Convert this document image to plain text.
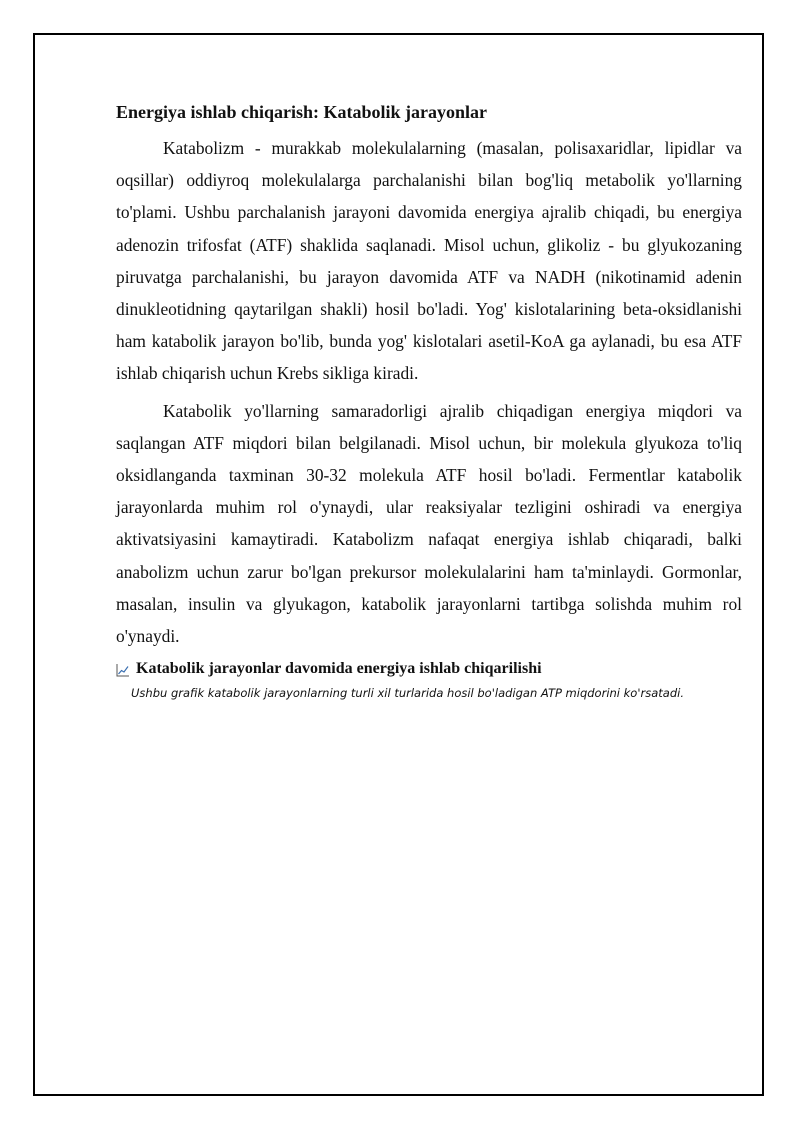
Energiya ishlab chiqarish: Katabolik jarayonlar

Katabolizm - murakkab molekulalarning (masalan, polisaxaridlar, lipidlar va oqsillar) oddiyroq molekulalarga parchalanishi bilan bog'liq metabolik yo'llarning to'plami. Ushbu parchalanish jarayoni davomida energiya ajralib chiqadi, bu energiya adenozin trifosfat (ATF) shaklida saqlanadi. Misol uchun, glikoliz - bu glyukozaning piruvatga parchalanishi, bu jarayon davomida ATF va NADH (nikotinamid adenin dinukleotidning qaytarilgan shakli) hosil bo'ladi. Yog' kislotalarining beta-oksidlanishi ham katabolik jarayon bo'lib, bunda yog' kislotalari asetil-KoA ga aylanadi, bu esa ATF ishlab chiqarish uchun Krebs sikliga kiradi.

Katabolik yo'llarning samaradorligi ajralib chiqadigan energiya miqdori va saqlangan ATF miqdori bilan belgilanadi. Misol uchun, bir molekula glyukoza to'liq oksidlanganda taxminan 30-32 molekula ATF hosil bo'ladi. Fermentlar katabolik jarayonlarda muhim rol o'ynaydi, ular reaksiyalar tezligini oshiradi va energiya aktivatsiyasini kamaytiradi. Katabolizm nafaqat energiya ishlab chiqaradi, balki anabolizm uchun zarur bo'lgan prekursor molekulalarini ham ta'minlaydi. Gormonlar, masalan, insulin va glyukagon, katabolik jarayonlarni tartibga solishda muhim rol o'ynaydi.

Katabolik jarayonlar davomida energiya ishlab chiqarilishi

Ushbu grafik katabolik jarayonlarning turli xil turlarida hosil bo'ladigan ATP miqdorini ko'rsatadi.
